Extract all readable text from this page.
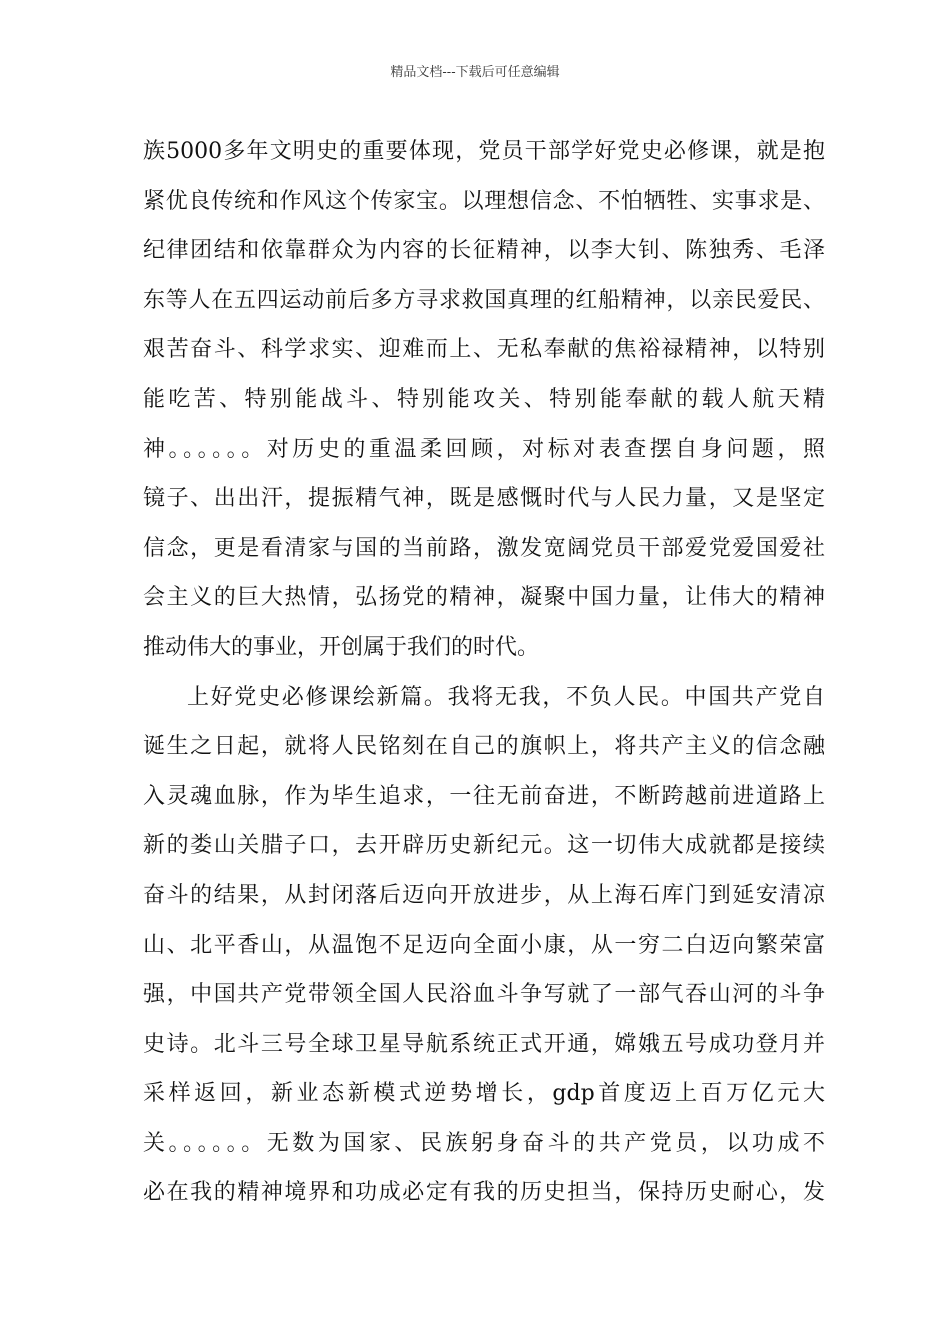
精品文档---下载后可任意编辑
族5000多年文明史的重要体现，党员干部学好党史必修课，就是抱
紧优良传统和作风这个传家宝。以理想信念、不怕牺牲、实事求是、
纪律团结和依靠群众为内容的长征精神，以李大钊、陈独秀、毛泽
东等人在五四运动前后多方寻求救国真理的红船精神，以亲民爱民、
艰苦奋斗、科学求实、迎难而上、无私奉献的焦裕禄精神，以特别
能吃苦、特别能战斗、特别能攻关、特别能奉献的载人航天精
神。。。。。。对历史的重温柔回顾，对标对表查摆自身问题，照
镜子、出出汗，提振精气神，既是感慨时代与人民力量，又是坚定
信念，更是看清家与国的当前路，激发宽阔党员干部爱党爱国爱社
会主义的巨大热情，弘扬党的精神，凝聚中国力量，让伟大的精神
推动伟大的事业，开创属于我们的时代。
上好党史必修课绘新篇。我将无我，不负人民。中国共产党自
诞生之日起，就将人民铭刻在自己的旗帜上，将共产主义的信念融
入灵魂血脉，作为毕生追求，一往无前奋进，不断跨越前进道路上
新的娄山关腊子口，去开辟历史新纪元。这一切伟大成就都是接续
奋斗的结果，从封闭落后迈向开放进步，从上海石库门到延安清凉
山、北平香山，从温饱不足迈向全面小康，从一穷二白迈向繁荣富
强，中国共产党带领全国人民浴血斗争写就了一部气吞山河的斗争
史诗。北斗三号全球卫星导航系统正式开通，嫦娥五号成功登月并
采样返回，新业态新模式逆势增长，gdp首度迈上百万亿元大
关。。。。。。无数为国家、民族躬身奋斗的共产党员，以功成不
必在我的精神境界和功成必定有我的历史担当，保持历史耐心，发
